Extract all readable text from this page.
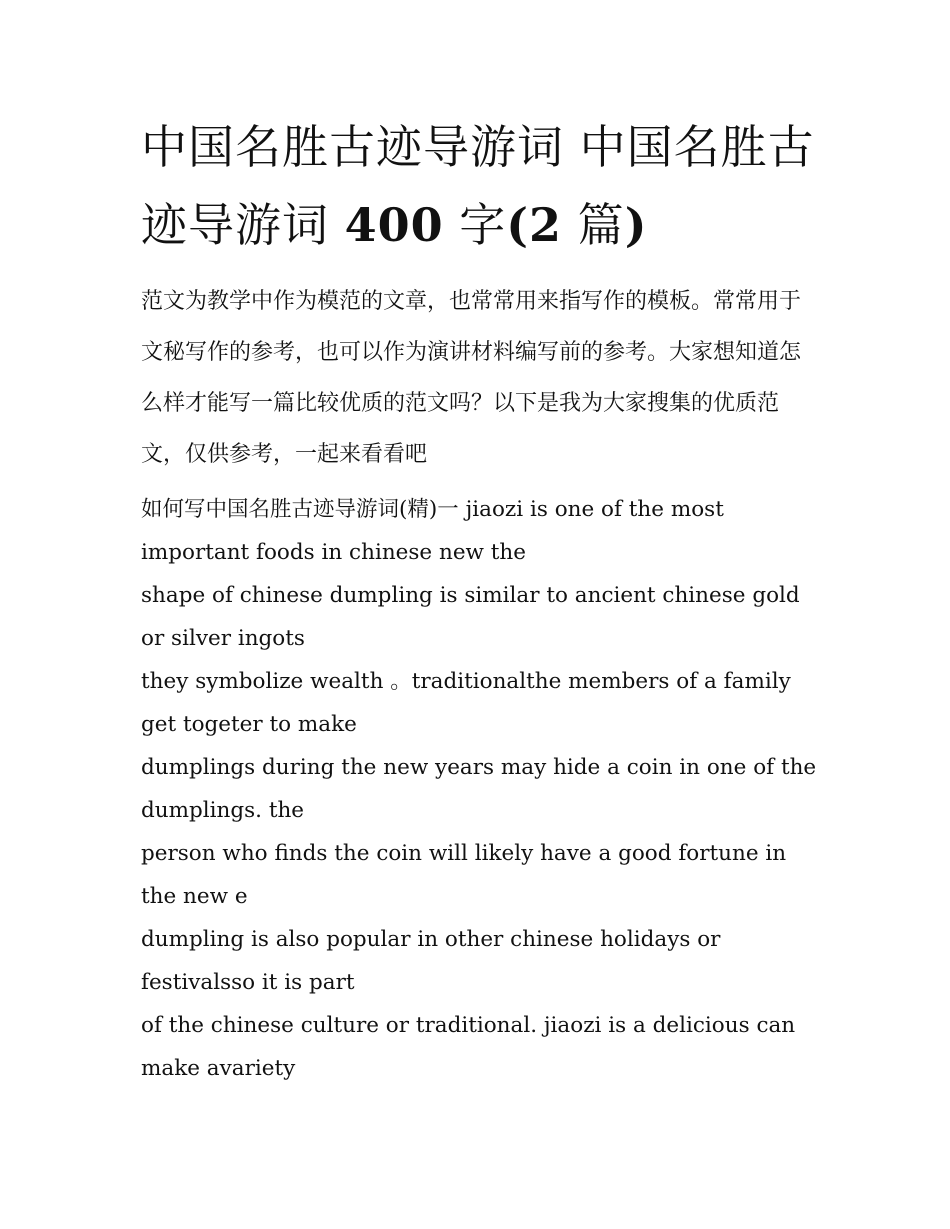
中国名胜古迹导游词 中国名胜古迹导游词 400 字(2 篇)

范文为教学中作为模范的文章，也常常用来指写作的模板。常常用于文秘写作的参考，也可以作为演讲材料编写前的参考。大家想知道怎么样才能写一篇比较优质的范文吗？以下是我为大家搜集的优质范文，仅供参考，一起来看看吧

如何写中国名胜古迹导游词(精)一 jiaozi is one of the most important foods in chinese new the

shape of chinese dumpling is similar to ancient chinese gold or silver ingots

they symbolize wealth 。traditionalthe members of a family get togeter to make

dumplings during the new years may hide a coin in one of the dumplings. the

person who finds the coin will likely have a good fortune in the new e

dumpling is also popular in other chinese holidays or festivalsso it is part

of the chinese culture or traditional. jiaozi is a delicious can make avariety
